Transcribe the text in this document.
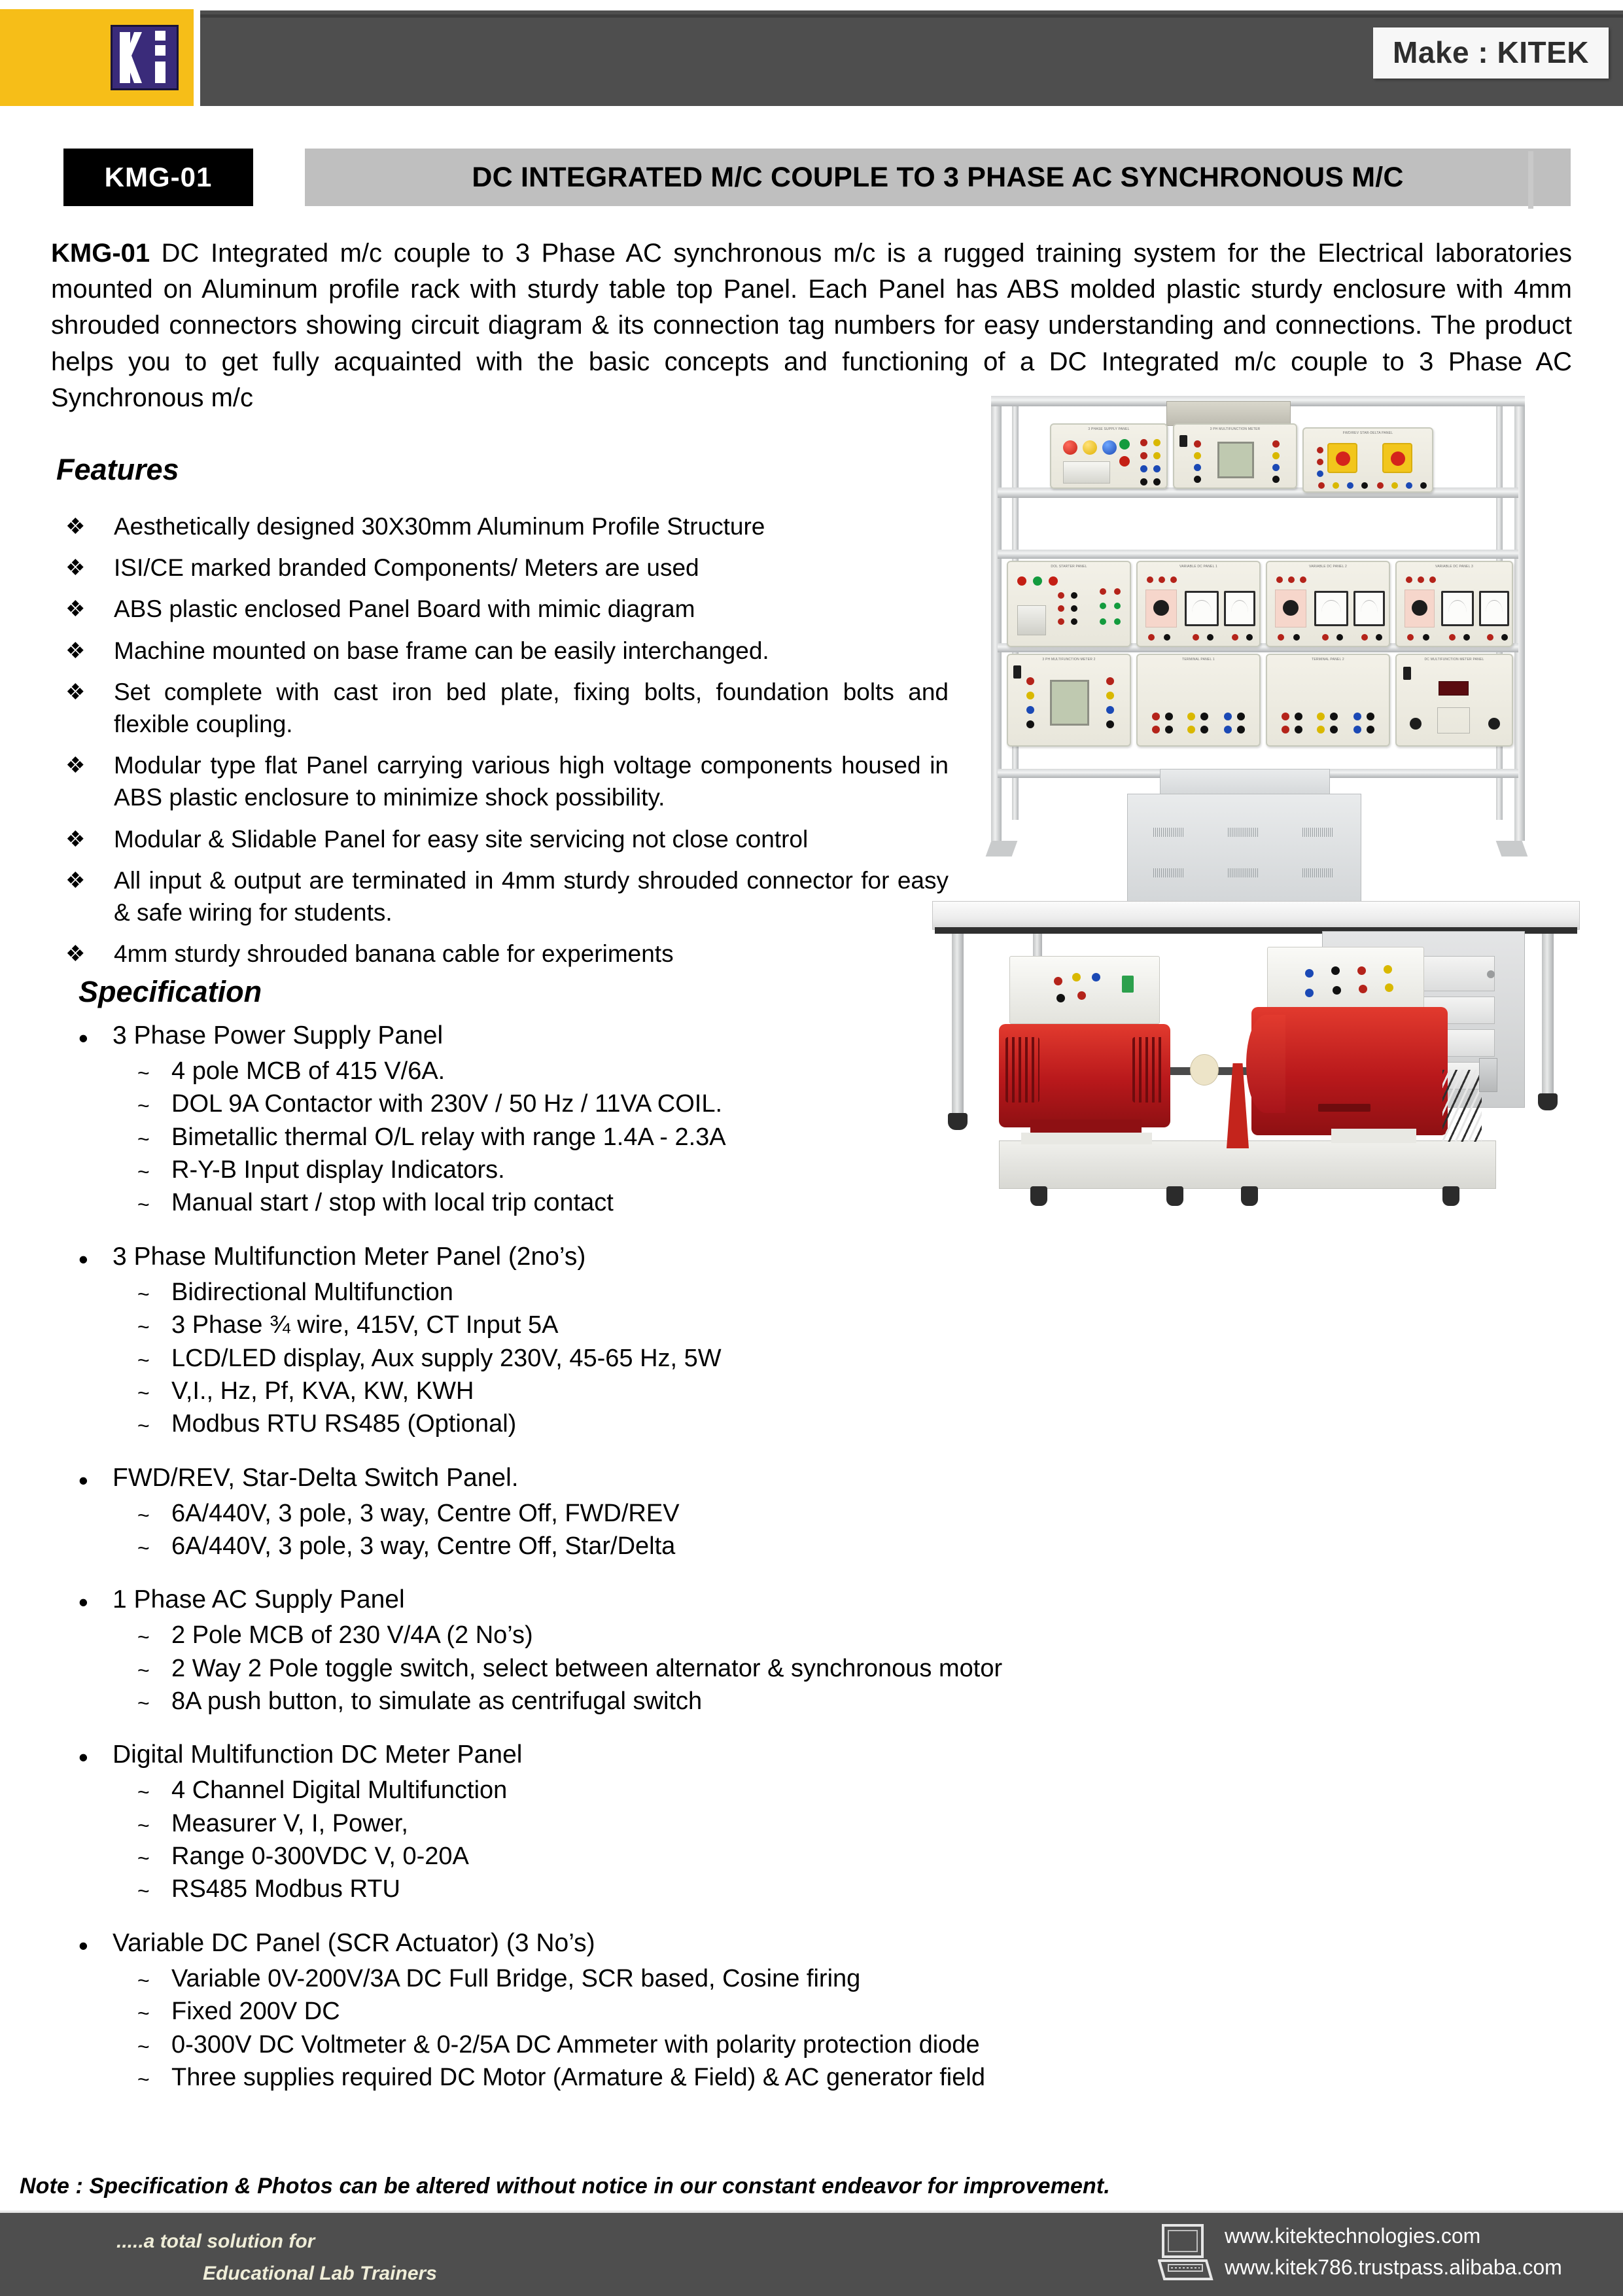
Make : KITEK
KMG-01	DC INTEGRATED M/C COUPLE TO 3 PHASE AC SYNCHRONOUS M/C

KMG-01 DC Integrated m/c couple to 3 Phase AC synchronous m/c is a rugged training system for the Electrical laboratories mounted on Aluminum profile rack with sturdy table top Panel. Each Panel has ABS molded plastic sturdy enclosure with 4mm shrouded connectors showing circuit diagram & its connection tag numbers for easy understanding and connections. The product helps you to get fully acquainted with the basic concepts and functioning of a DC Integrated m/c couple to 3 Phase AC Synchronous m/c

Features
❖	Aesthetically designed 30X30mm Aluminum Profile Structure
❖	ISI/CE marked branded Components/ Meters are used
❖	ABS plastic enclosed Panel Board with mimic diagram
❖	Machine mounted on base frame can be easily interchanged.
❖	Set complete with cast iron bed plate, fixing bolts, foundation bolts and flexible coupling.
❖	Modular type flat Panel carrying various high voltage components housed in ABS plastic enclosure to minimize shock possibility.
❖	Modular & Slidable Panel for easy site servicing not close control
❖	All input & output are terminated in 4mm sturdy shrouded connector for easy & safe wiring for students.
❖	4mm sturdy shrouded banana cable for experiments
Specification
• 3 Phase Power Supply Panel
~ 4 pole MCB of 415 V/6A.
~ DOL 9A Contactor with 230V / 50 Hz / 11VA COIL.
~ Bimetallic thermal O/L relay with range 1.4A - 2.3A
~ R-Y-B Input display Indicators.
~ Manual start / stop with local trip contact
• 3 Phase Multifunction Meter Panel (2no’s)
~ Bidirectional Multifunction
~ 3 Phase ¾ wire, 415V, CT Input 5A
~ LCD/LED display, Aux supply 230V, 45-65 Hz, 5W
~ V,I., Hz, Pf, KVA, KW, KWH
~ Modbus RTU RS485 (Optional)
• FWD/REV, Star-Delta Switch Panel.
~ 6A/440V, 3 pole, 3 way, Centre Off, FWD/REV
~ 6A/440V, 3 pole, 3 way, Centre Off, Star/Delta
• 1 Phase AC Supply Panel
~ 2 Pole MCB of 230 V/4A (2 No’s)
~ 2 Way 2 Pole toggle switch, select between alternator & synchronous motor
~ 8A push button, to simulate as centrifugal switch
• Digital Multifunction DC Meter Panel
~ 4 Channel Digital Multifunction
~ Measurer V, I, Power,
~ Range 0-300VDC V, 0-20A
~ RS485 Modbus RTU
• Variable DC Panel (SCR Actuator) (3 No’s)
~ Variable 0V-200V/3A DC Full Bridge, SCR based, Cosine firing
~ Fixed 200V DC
~ 0-300V DC Voltmeter & 0-2/5A DC Ammeter with polarity protection diode
~ Three supplies required DC Motor (Armature & Field) & AC generator field
3 PHASE SUPPLY PANEL	3 PH MULTIFUNCTION METER
FWD/REV STAR-DELTA PANEL
DOL STARTER PANEL	VARIABLE DC PANEL 1	VARIABLE DC PANEL 2	VARIABLE DC PANEL 3
3 PH MULTIFUNCTION METER 2	TERMINAL PANEL 1	TERMINAL PANEL 2	DC MULTIFUNCTION METER PANEL
Note : Specification & Photos can be altered without notice in our constant endeavor for improvement.
.....a total solution for
Educational Lab Trainers
www.kitektechnologies.com
www.kitek786.trustpass.alibaba.com
